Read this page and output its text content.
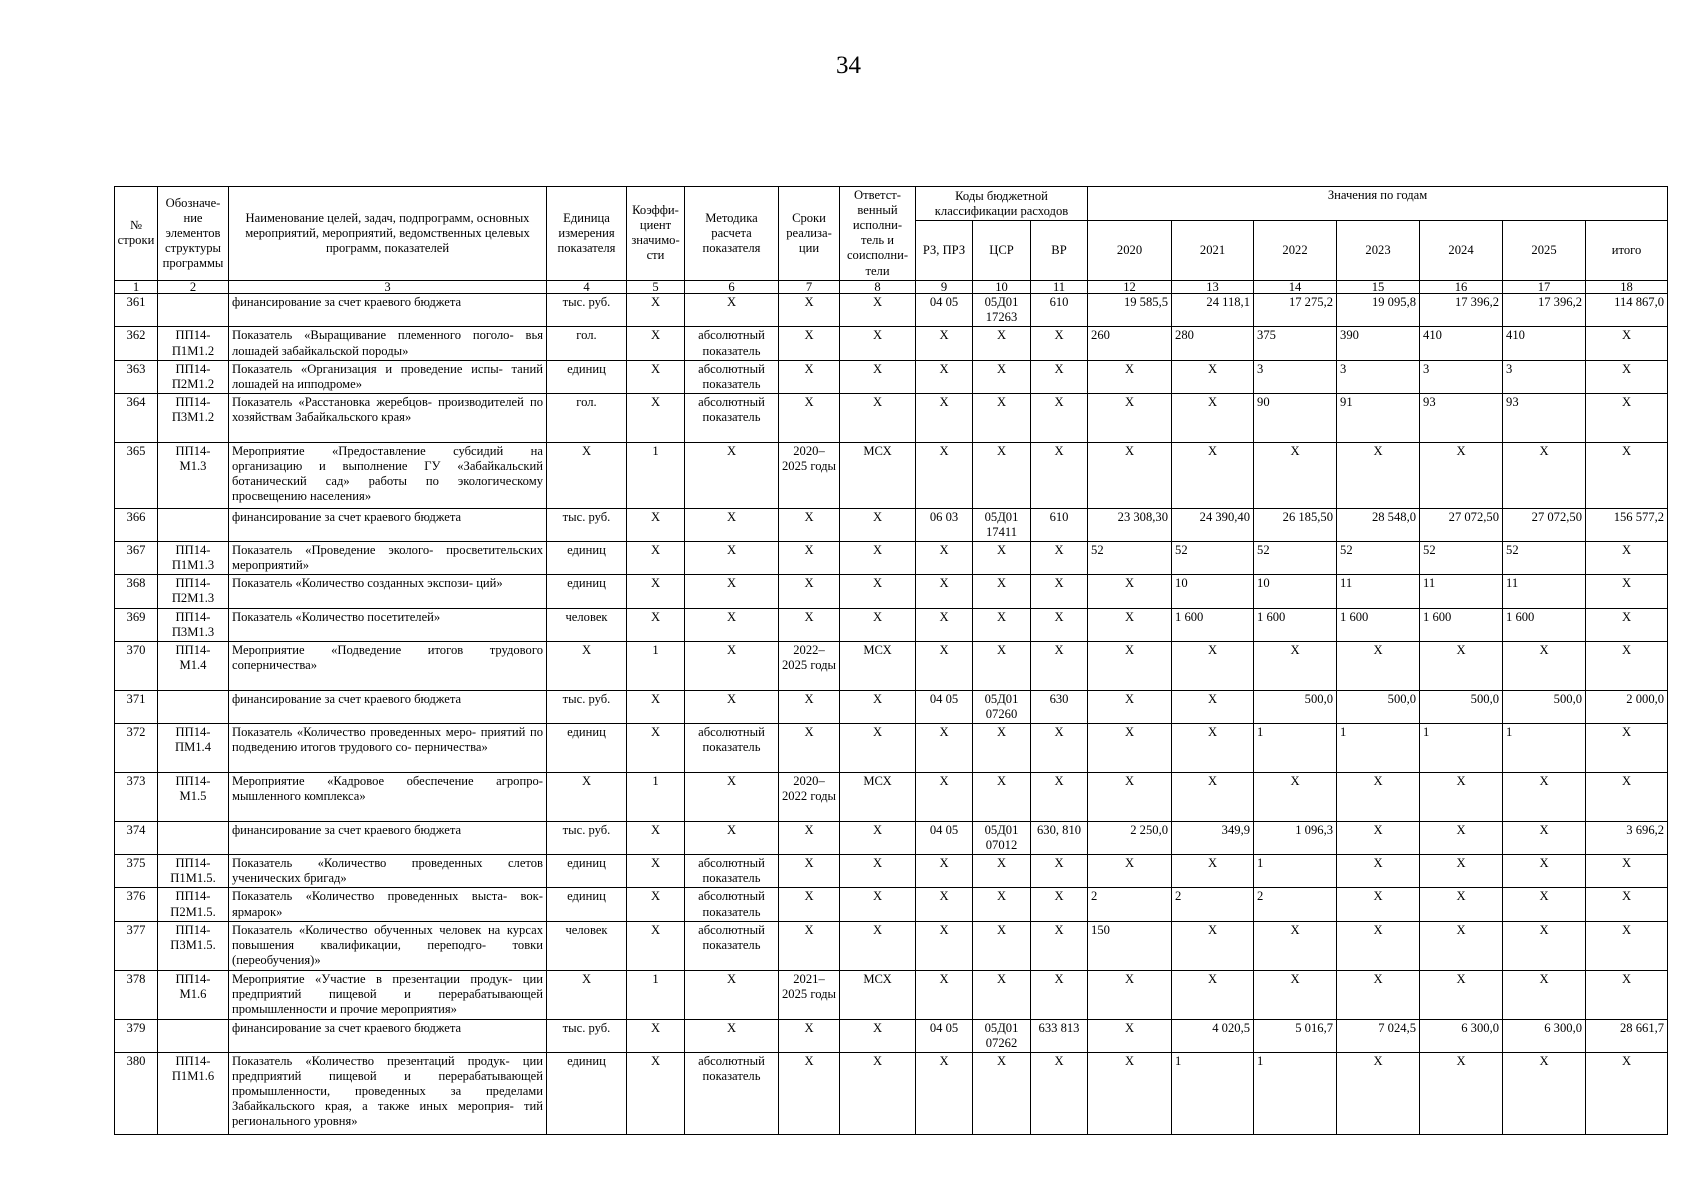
34
№ строки	Обозначе- ние элементов структуры программы	Наименование целей, задач, подпрограмм, основных мероприятий, мероприятий, ведомственных целевых программ, показателей	Единица измерения показателя	Коэффи- циент значимо- сти	Методика расчета показателя	Сроки реализа- ции	Ответст- венный исполни- тель и соисполни- тели	Коды бюджетной классификации расходов			Значения по годам						
								РЗ, ПРЗ	ЦСР	ВР	2020	2021	2022	2023	2024	2025	итого
1	2	3	4	5	6	7	8	9	10	11	12	13	14	15	16	17	18
361		финансирование за счет краевого бюджета	тыс. руб.	Х	Х	Х	Х	04 05	05Д01 17263	610	19 585,5	24 118,1	17 275,2	19 095,8	17 396,2	17 396,2	114 867,0
362	ПП14- П1М1.2	Показатель «Выращивание племенного поголо- вья лошадей забайкальской породы»	гол.	Х	абсолютный показатель	Х	Х	Х	Х	Х	260	280	375	390	410	410	Х
363	ПП14- П2М1.2	Показатель «Организация и проведение испы- таний лошадей на ипподроме»	единиц	Х	абсолютный показатель	Х	Х	Х	Х	Х	Х	Х	3	3	3	3	Х
364	ПП14- П3М1.2	Показатель «Расстановка жеребцов- производителей по хозяйствам Забайкальского края»	гол.	Х	абсолютный показатель	Х	Х	Х	Х	Х	Х	Х	90	91	93	93	Х
365	ПП14- М1.3	Мероприятие «Предоставление субсидий на организацию и выполнение ГУ «Забайкальский ботанический сад» работы по экологическому просвещению населения»	Х	1	Х	2020– 2025 годы	МСХ	Х	Х	Х	Х	Х	Х	Х	Х	Х	Х
366		финансирование за счет краевого бюджета	тыс. руб.	Х	Х	Х	Х	06 03	05Д01 17411	610	23 308,30	24 390,40	26 185,50	28 548,0	27 072,50	27 072,50	156 577,2
367	ПП14- П1М1.3	Показатель «Проведение эколого- просветительских мероприятий»	единиц	Х	Х	Х	Х	Х	Х	Х	52	52	52	52	52	52	Х
368	ПП14- П2М1.3	Показатель «Количество созданных экспози- ций»	единиц	Х	Х	Х	Х	Х	Х	Х	Х	10	10	11	11	11	Х
369	ПП14- П3М1.3	Показатель «Количество посетителей»	человек	Х	Х	Х	Х	Х	Х	Х	Х	1 600	1 600	1 600	1 600	1 600	Х
370	ПП14- М1.4	Мероприятие «Подведение итогов трудового соперничества»	Х	1	Х	2022– 2025 годы	МСХ	Х	Х	Х	Х	Х	Х	Х	Х	Х	Х
371		финансирование за счет краевого бюджета	тыс. руб.	Х	Х	Х	Х	04 05	05Д01 07260	630	Х	Х	500,0	500,0	500,0	500,0	2 000,0
372	ПП14- ПМ1.4	Показатель «Количество проведенных меро- приятий по подведению итогов трудового со- перничества»	единиц	Х	абсолютный показатель	Х	Х	Х	Х	Х	Х	Х	1	1	1	1	Х
373	ПП14- М1.5	Мероприятие «Кадровое обеспечение агропро- мышленного комплекса»	Х	1	Х	2020– 2022 годы	МСХ	Х	Х	Х	Х	Х	Х	Х	Х	Х	Х
374		финансирование за счет краевого бюджета	тыс. руб.	Х	Х	Х	Х	04 05	05Д01 07012	630, 810	2 250,0	349,9	1 096,3	Х	Х	Х	3 696,2
375	ПП14- П1М1.5.	Показатель «Количество проведенных слетов ученических бригад»	единиц	Х	абсолютный показатель	Х	Х	Х	Х	Х	Х	Х	1	Х	Х	Х	Х
376	ПП14- П2М1.5.	Показатель «Количество проведенных выста- вок-ярмарок»	единиц	Х	абсолютный показатель	Х	Х	Х	Х	Х	2	2	2	Х	Х	Х	Х
377	ПП14- П3М1.5.	Показатель «Количество обученных человек на курсах повышения квалификации, переподго- товки (переобучения)»	человек	Х	абсолютный показатель	Х	Х	Х	Х	Х	150	Х	Х	Х	Х	Х	Х
378	ПП14- М1.6	Мероприятие «Участие в презентации продук- ции предприятий пищевой и перерабатывающей промышленности и прочие мероприятия»	Х	1	Х	2021– 2025 годы	МСХ	Х	Х	Х	Х	Х	Х	Х	Х	Х	Х
379		финансирование за счет краевого бюджета	тыс. руб.	Х	Х	Х	Х	04 05	05Д01 07262	633 813	Х	4 020,5	5 016,7	7 024,5	6 300,0	6 300,0	28 661,7
380	ПП14- П1М1.6	Показатель «Количество презентаций продук- ции предприятий пищевой и перерабатывающей промышленности, проведенных за пределами Забайкальского края, а также иных мероприя- тий регионального уровня»	единиц	Х	абсолютный показатель	Х	Х	Х	Х	Х	Х	1	1	Х	Х	Х	Х
